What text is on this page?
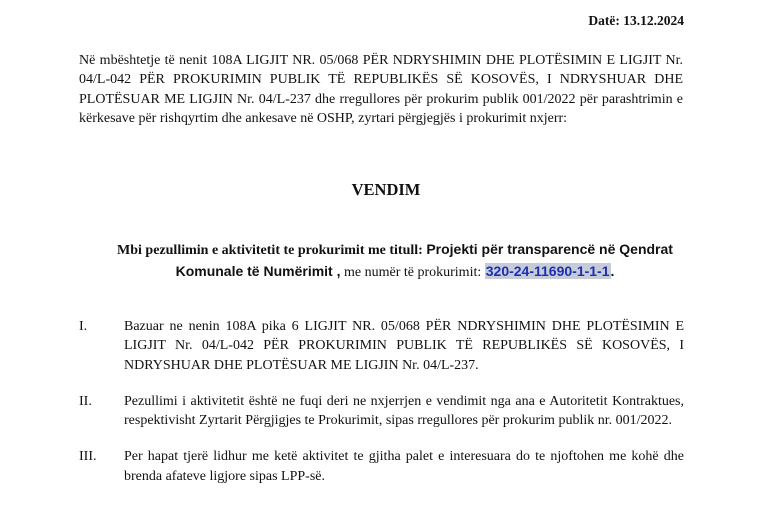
Datë: 13.12.2024

Në mbështetje të nenit 108A LIGJIT NR. 05/068 PËR NDRYSHIMIN DHE PLOTËSIMIN E LIGJIT Nr. 04/L-042 PËR PROKURIMIN PUBLIK TË REPUBLIKËS SË KOSOVËS, I NDRYSHUAR DHE PLOTËSUAR ME LIGJIN Nr. 04/L-237 dhe rregullores për prokurim publik 001/2022 për parashtrimin e kërkesave për rishqyrtim dhe ankesave në OSHP, zyrtari përgjegjës i prokurimit nxjerr:

VENDIM

Mbi pezullimin e aktivitetit te prokurimit me titull: Projekti për transparencë në Qendrat Komunale të Numërimit , me numër të prokurimit: 320-24-11690-1-1-1.

I.	Bazuar ne nenin 108A pika 6 LIGJIT NR. 05/068 PËR NDRYSHIMIN DHE PLOTËSIMIN E LIGJIT Nr. 04/L-042 PËR PROKURIMIN PUBLIK TË REPUBLIKËS SË KOSOVËS, I NDRYSHUAR DHE PLOTËSUAR ME LIGJIN Nr. 04/L-237.
II.	Pezullimi i aktivitetit është ne fuqi deri ne nxjerrjen e vendimit nga ana e Autoritetit Kontraktues, respektivisht Zyrtarit Përgjigjes te Prokurimit, sipas rregullores për prokurim publik nr. 001/2022.
III.	Per hapat tjerë lidhur me ketë aktivitet te gjitha palet e interesuara do te njoftohen me kohë dhe brenda afateve ligjore sipas LPP-së.
